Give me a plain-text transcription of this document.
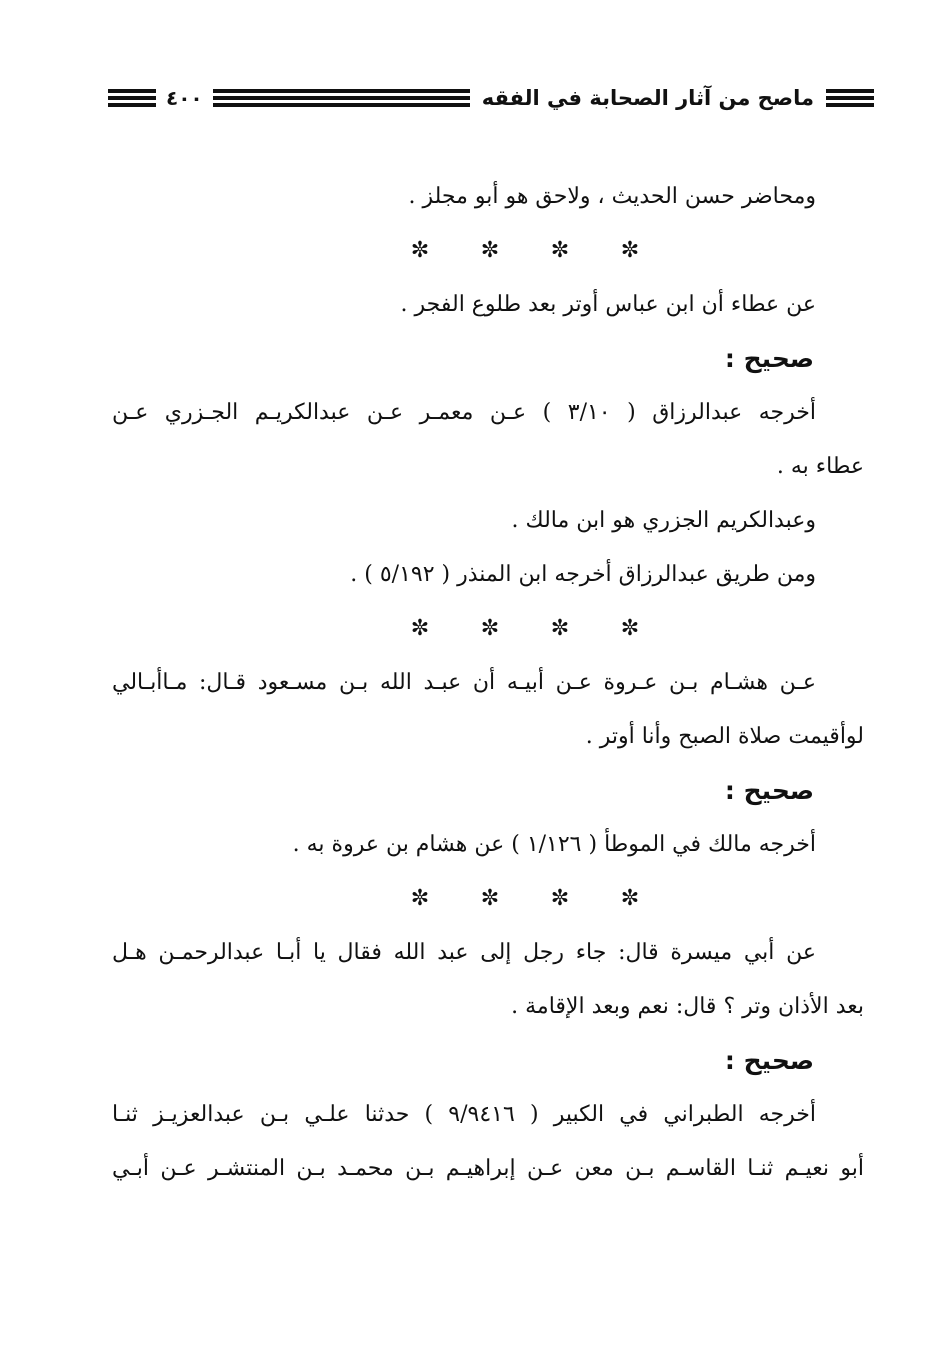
٤٠٠	ماصح من آثار الصحابة في الفقه
ومحاضر حسن الحديث ، ولاحق هو أبو مجلز .
✼
✼
✼
✼
عن عطاء أن ابن عباس أوتر بعد طلوع الفجر .
صحيح :
أخرجه عبدالرزاق ( ٣/١٠ ) عـن معمـر عـن عبدالكريـم الجـزري عـن
عطاء به .
وعبدالكريم الجزري هو ابن مالك .
ومن طريق عبدالرزاق أخرجه ابن المنذر ( ٥/١٩٢ ) .
✼
✼
✼
✼
عـن هشـام بـن عـروة عـن أبيـه أن عبـد الله بـن مسـعود قـال: مـاأبـالي
لوأقيمت صلاة الصبح وأنا أوتر .
صحيح :
أخرجه مالك في الموطأ ( ١/١٢٦ ) عن هشام بن عروة به .
✼
✼
✼
✼
عن أبي ميسرة قال: جاء رجل إلى عبد الله فقال يا أبـا عبدالرحمـن هـل
بعد الأذان وتر ؟ قال: نعم وبعد الإقامة .
صحيح :
أخرجه الطبراني في الكبير ( ٩/٩٤١٦ ) حدثنا علـي بـن عبدالعزيـز ثنـا
أبو نعيـم ثنـا القاسـم بـن معن عـن إبراهيـم بـن محمـد بـن المنتشـر عـن أبـي
